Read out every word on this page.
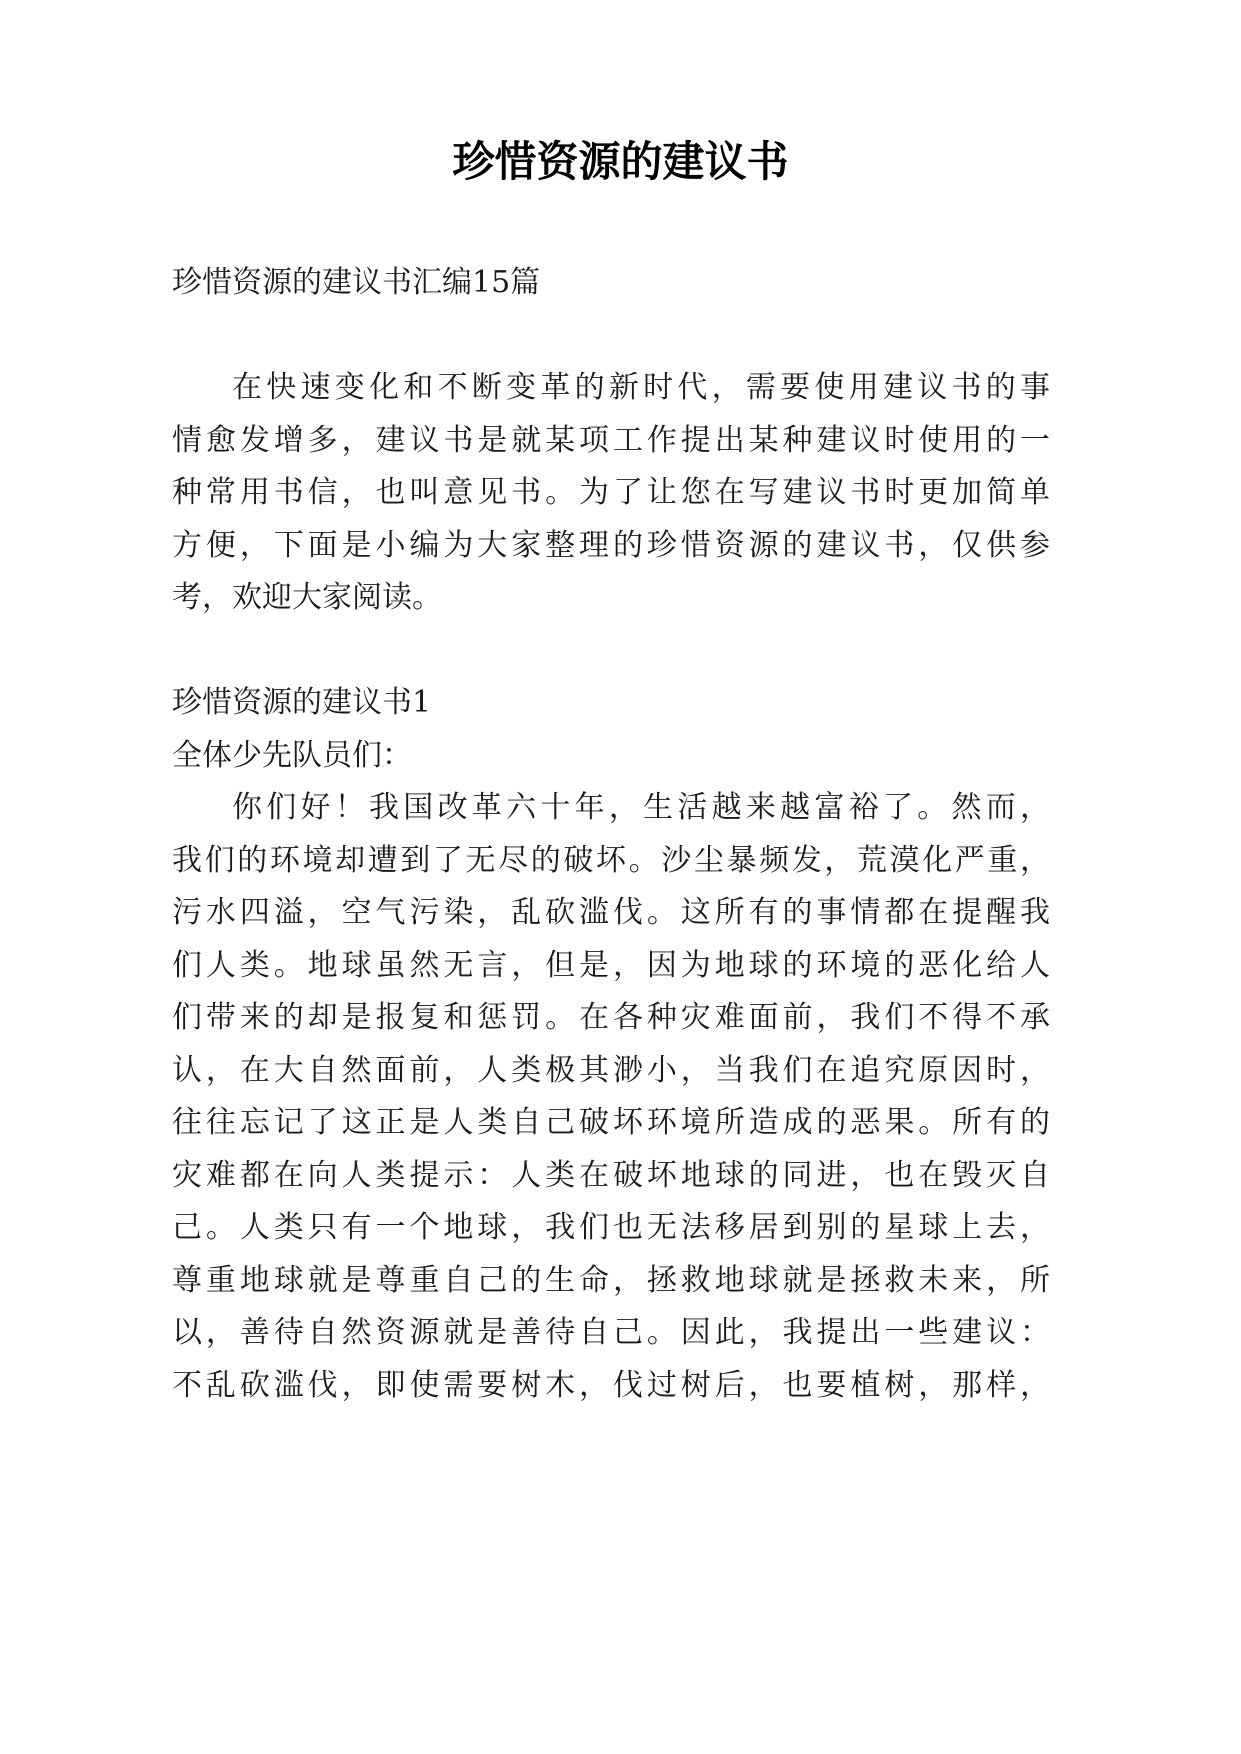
珍惜资源的建议书
珍惜资源的建议书汇编15篇
在快速变化和不断变革的新时代，需要使用建议书的事
情愈发增多，建议书是就某项工作提出某种建议时使用的一
种常用书信，也叫意见书。为了让您在写建议书时更加简单
方便，下面是小编为大家整理的珍惜资源的建议书，仅供参
考，欢迎大家阅读。
珍惜资源的建议书1
全体少先队员们：
你们好！我国改革六十年，生活越来越富裕了。然而，
我们的环境却遭到了无尽的破坏。沙尘暴频发，荒漠化严重，
污水四溢，空气污染，乱砍滥伐。这所有的事情都在提醒我
们人类。地球虽然无言，但是，因为地球的环境的恶化给人
们带来的却是报复和惩罚。在各种灾难面前，我们不得不承
认，在大自然面前，人类极其渺小，当我们在追究原因时，
往往忘记了这正是人类自己破坏环境所造成的恶果。所有的
灾难都在向人类提示：人类在破坏地球的同进，也在毁灭自
己。人类只有一个地球，我们也无法移居到别的星球上去，
尊重地球就是尊重自己的生命，拯救地球就是拯救未来，所
以，善待自然资源就是善待自己。因此，我提出一些建议：
不乱砍滥伐，即使需要树木，伐过树后，也要植树，那样，
